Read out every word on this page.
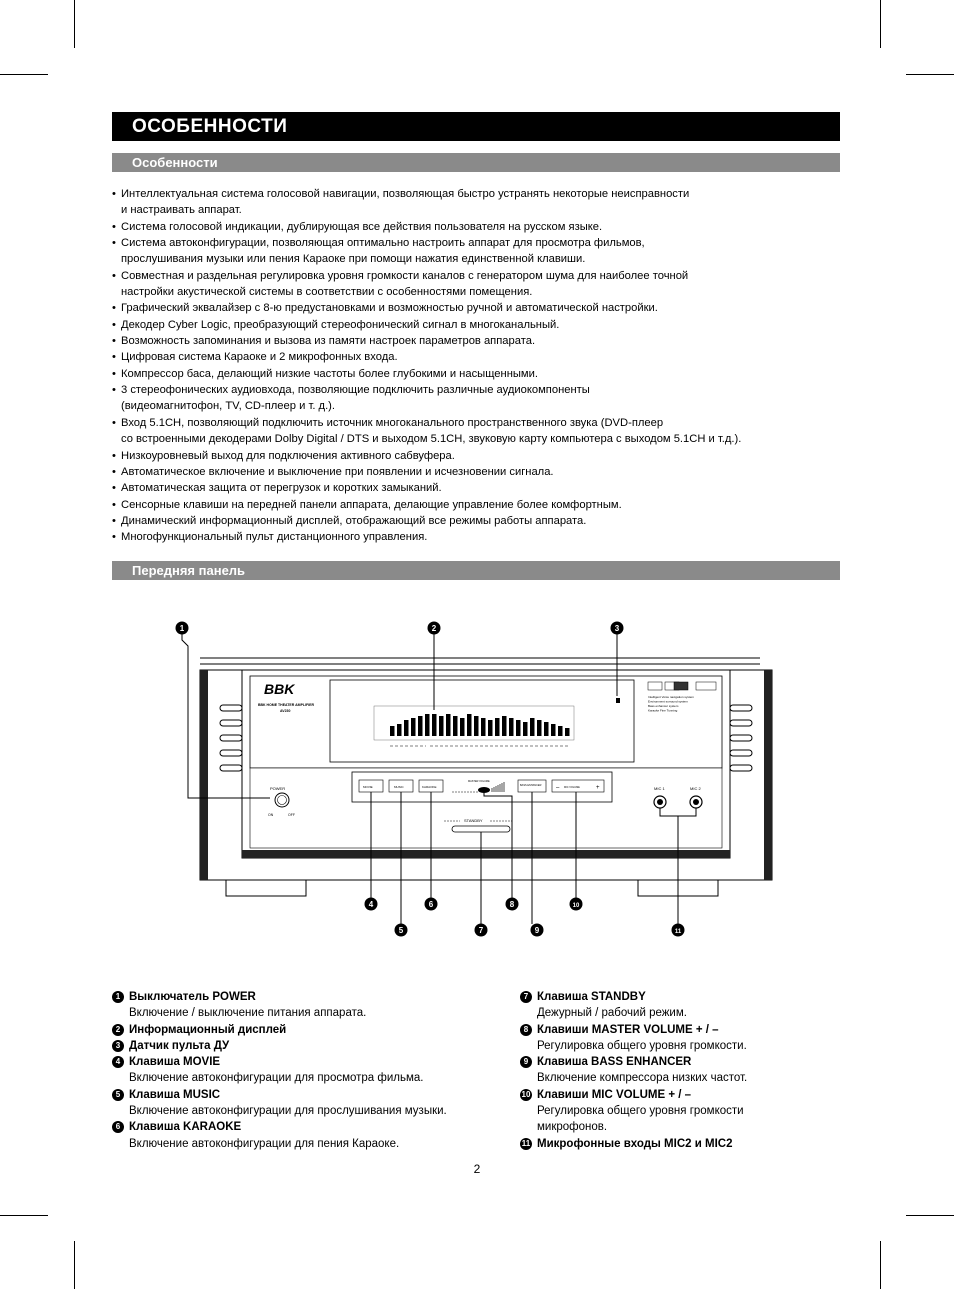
ОСОБЕННОСТИ
Особенности
• Интеллектуальная система голосовой навигации, позволяющая быстро устранять некоторые неисправности
и настраивать аппарат.
• Система голосовой индикации, дублирующая все действия пользователя на русском языке.
• Система автоконфигурации, позволяющая оптимально настроить аппарат для просмотра фильмов,
прослушивания музыки или пения Караоке при помощи нажатия единственной клавиши.
• Совместная и раздельная регулировка уровня громкости каналов с генератором шума для наиболее точной
настройки акустической системы в соответствии с особенностями помещения.
• Графический эквалайзер с 8-ю предустановками и возможностью ручной и автоматической настройки.
• Декодер Cyber Logic, преобразующий стереофонический сигнал в многоканальный.
• Возможность запоминания и вызова из памяти настроек параметров аппарата.
• Цифровая система Караоке и 2 микрофонных входа.
• Компрессор баса, делающий низкие частоты более глубокими и насыщенными.
• 3 стереофонических аудиовхода, позволяющие подключить различные аудиокомпоненты
(видеомагнитофон, TV, CD-плеер и т. д.).
• Вход 5.1CH, позволяющий подключить источник многоканального пространственного звука (DVD-плеер
со встроенными декодерами Dolby Digital / DTS и выходом 5.1CH, звуковую карту компьютера с выходом 5.1CH и т.д.).
• Низкоуровневый выход для подключения активного сабвуфера.
• Автоматическое включение и выключение при появлении и исчезновении сигнала.
• Автоматическая защита от перегрузок и коротких замыканий.
• Сенсорные клавиши на передней панели аппарата, делающие управление более комфортным.
• Динамический информационный дисплей, отображающий все режимы работы аппарата.
• Многофункциональный пульт дистанционного управления.
Передняя панель
BBK
BBK HOME THEATER AMPLIFIER
AV230
Intelligent Voice navigation system
Environment surround system
Bass enhancer system
Karaoke Fine Tunning
POWER
ON	OFF
MOVIE	MUSIC	KARAOKE
MASTER VOLUME
BASS ENHANCER
MIC VOLUME
–	+
STANDBY
MIC 1	MIC 2
1	2	3
4
5
6
7
8
9
10
11
1 Выключатель POWER
Включение / выключение питания аппарата.
2 Информационный дисплей
3 Датчик пульта ДУ
4 Клавиша MOVIE
Включение автоконфигурации для просмотра фильма.
5 Клавиша MUSIC
Включение автоконфигурации для прослушивания музыки.
6 Клавиша KARAOKE
Включение автоконфигурации для пения Караоке.
7 Клавиша STANDBY
Дежурный / рабочий режим.
8 Клавиши MASTER VOLUME + / –
Регулировка общего уровня громкости.
9 Клавиша BASS ENHANCER
Включение компрессора низких частот.
10 Клавиши MIC VOLUME + / –
Регулировка общего уровня громкости
микрофонов.
11 Микрофонные входы MIC2 и MIC2
2
